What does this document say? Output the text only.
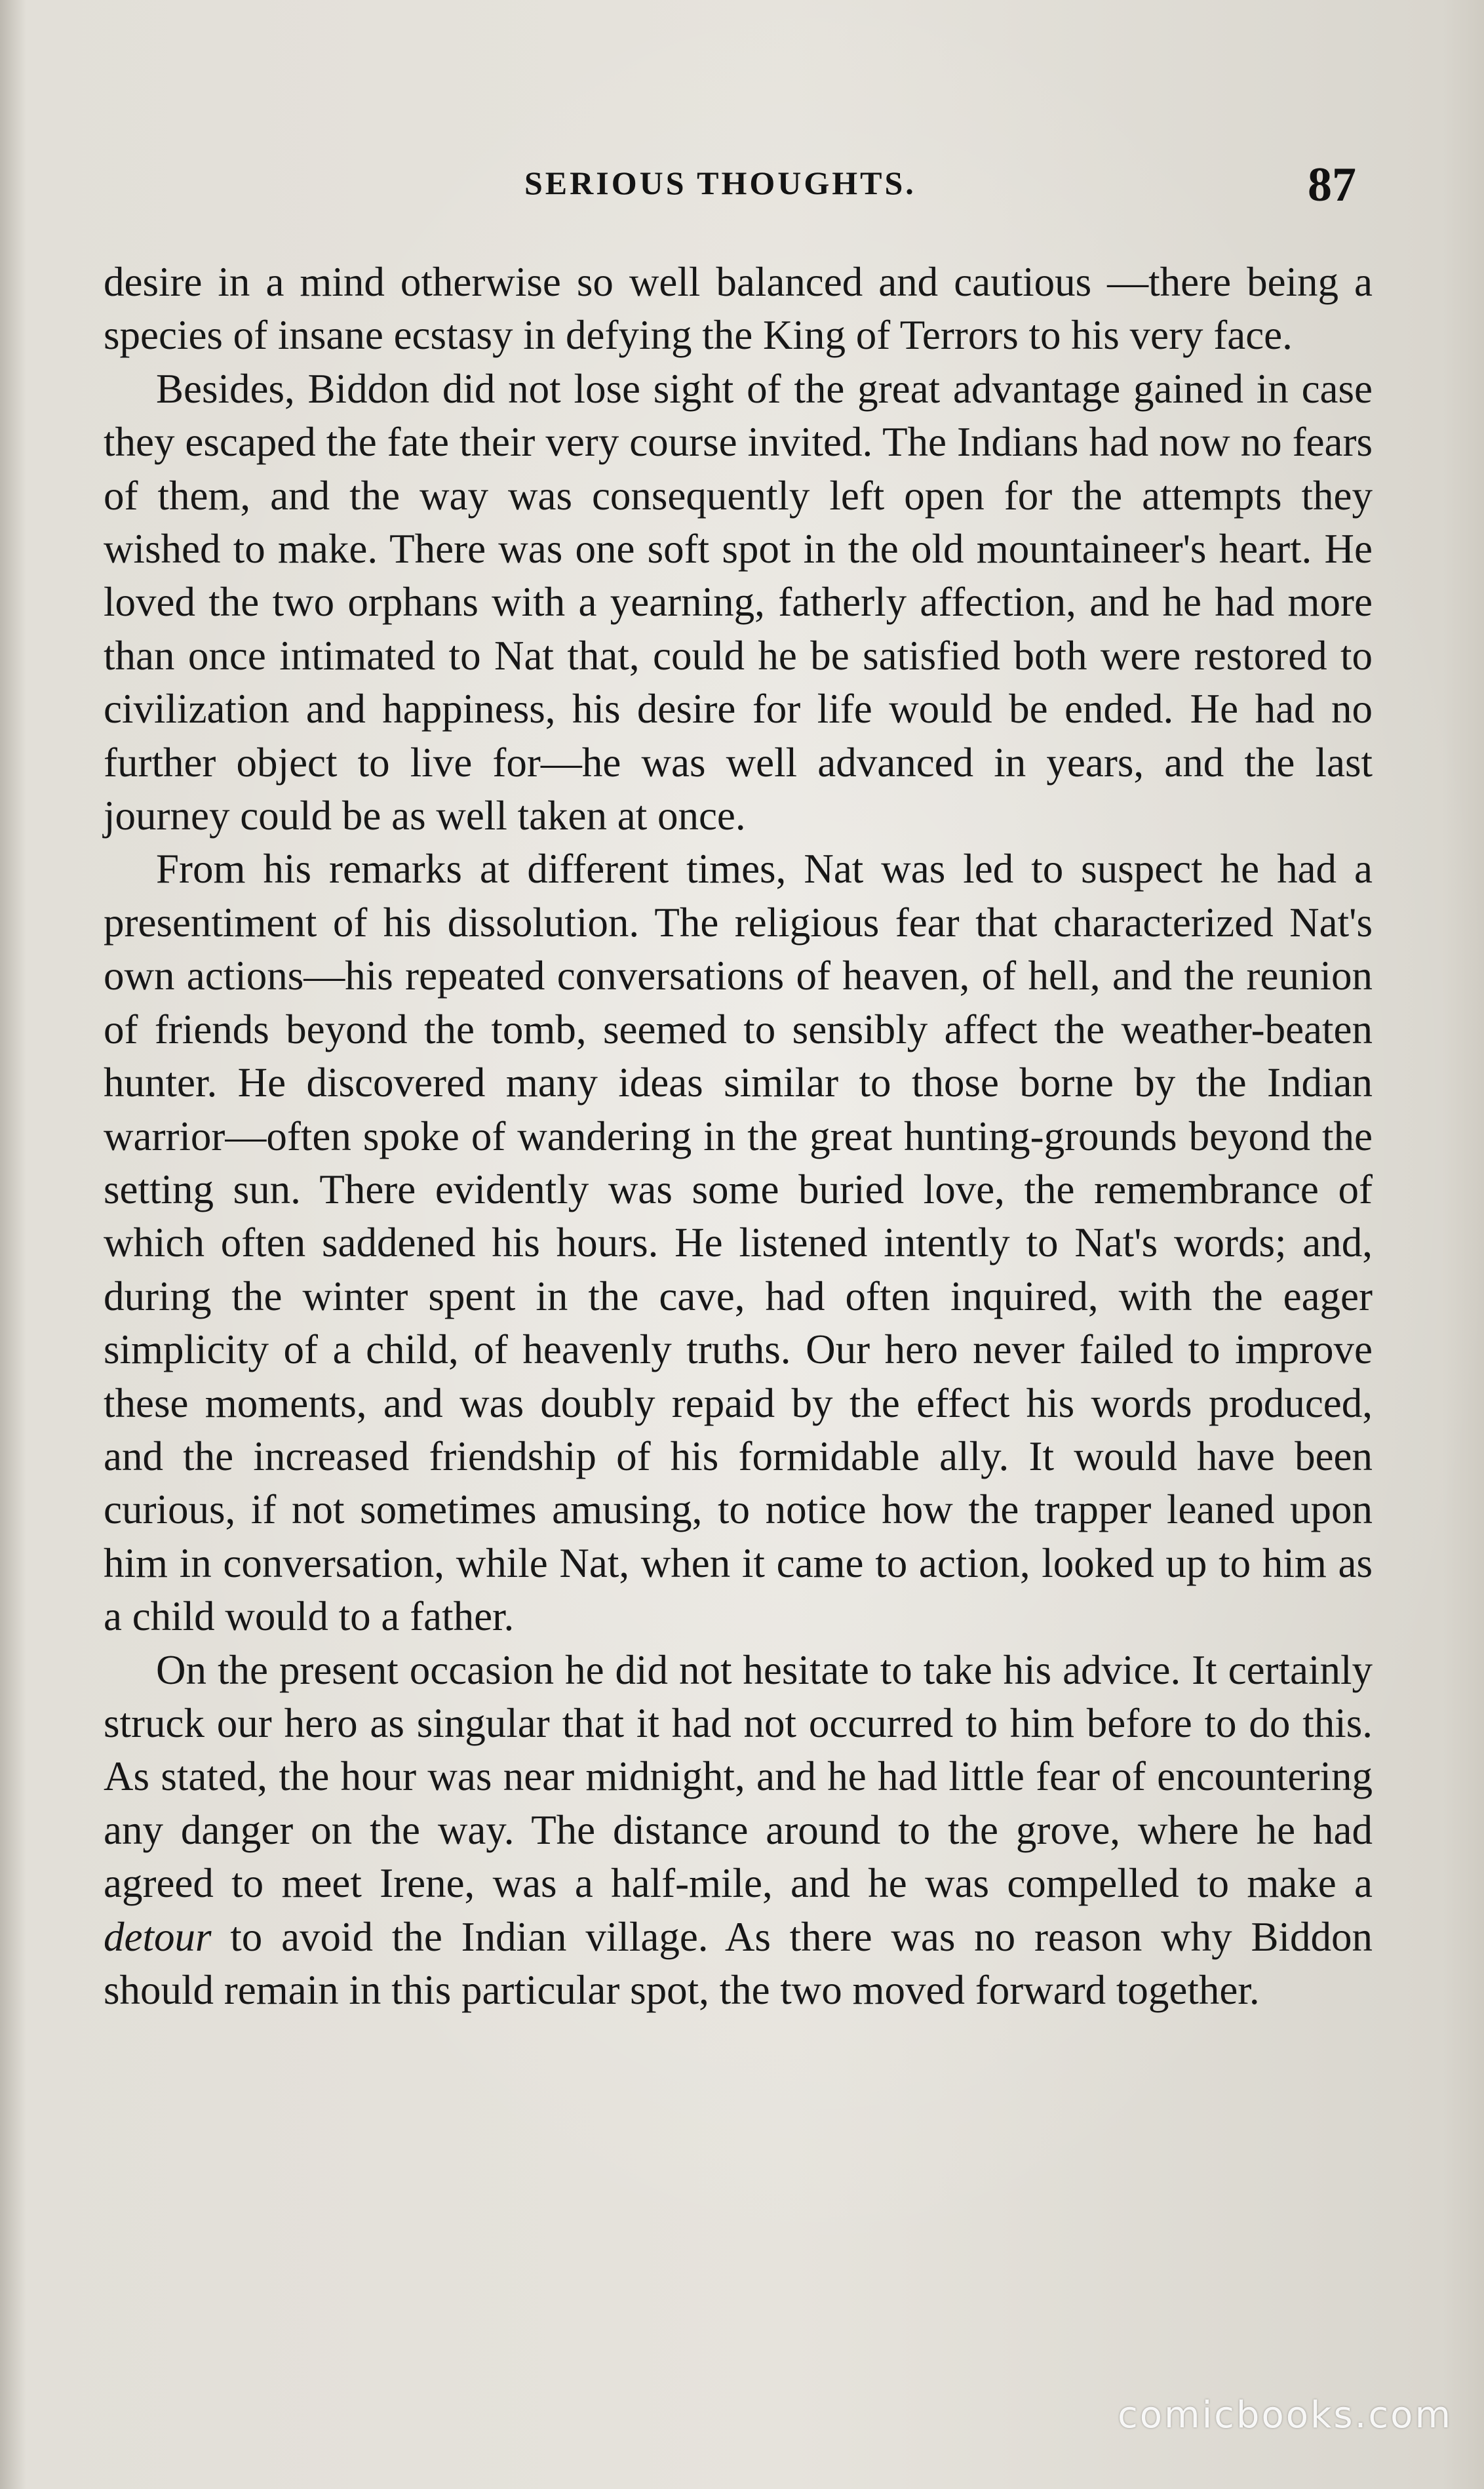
SERIOUS THOUGHTS.	87

desire in a mind otherwise so well balanced and cautious —there being a species of insane ecstasy in defying the King of Terrors to his very face.

Besides, Biddon did not lose sight of the great advantage gained in case they escaped the fate their very course invited. The Indians had now no fears of them, and the way was consequently left open for the attempts they wished to make. There was one soft spot in the old mountaineer's heart. He loved the two orphans with a yearning, fatherly affection, and he had more than once intimated to Nat that, could he be satisfied both were restored to civilization and happiness, his desire for life would be ended. He had no further object to live for—he was well advanced in years, and the last journey could be as well taken at once.

From his remarks at different times, Nat was led to suspect he had a presentiment of his dissolution. The religious fear that characterized Nat's own actions—his repeated conversations of heaven, of hell, and the reunion of friends beyond the tomb, seemed to sensibly affect the weather-beaten hunter. He discovered many ideas similar to those borne by the Indian warrior—often spoke of wandering in the great hunting-grounds beyond the setting sun. There evidently was some buried love, the remembrance of which often saddened his hours. He listened intently to Nat's words; and, during the winter spent in the cave, had often inquired, with the eager simplicity of a child, of heavenly truths. Our hero never failed to improve these moments, and was doubly repaid by the effect his words produced, and the increased friendship of his formidable ally. It would have been curious, if not sometimes amusing, to notice how the trapper leaned upon him in conversation, while Nat, when it came to action, looked up to him as a child would to a father.

On the present occasion he did not hesitate to take his advice. It certainly struck our hero as singular that it had not occurred to him before to do this. As stated, the hour was near midnight, and he had little fear of encountering any danger on the way. The distance around to the grove, where he had agreed to meet Irene, was a half-mile, and he was compelled to make a detour to avoid the Indian village. As there was no reason why Biddon should remain in this particular spot, the two moved forward together.

comicbooks.com
